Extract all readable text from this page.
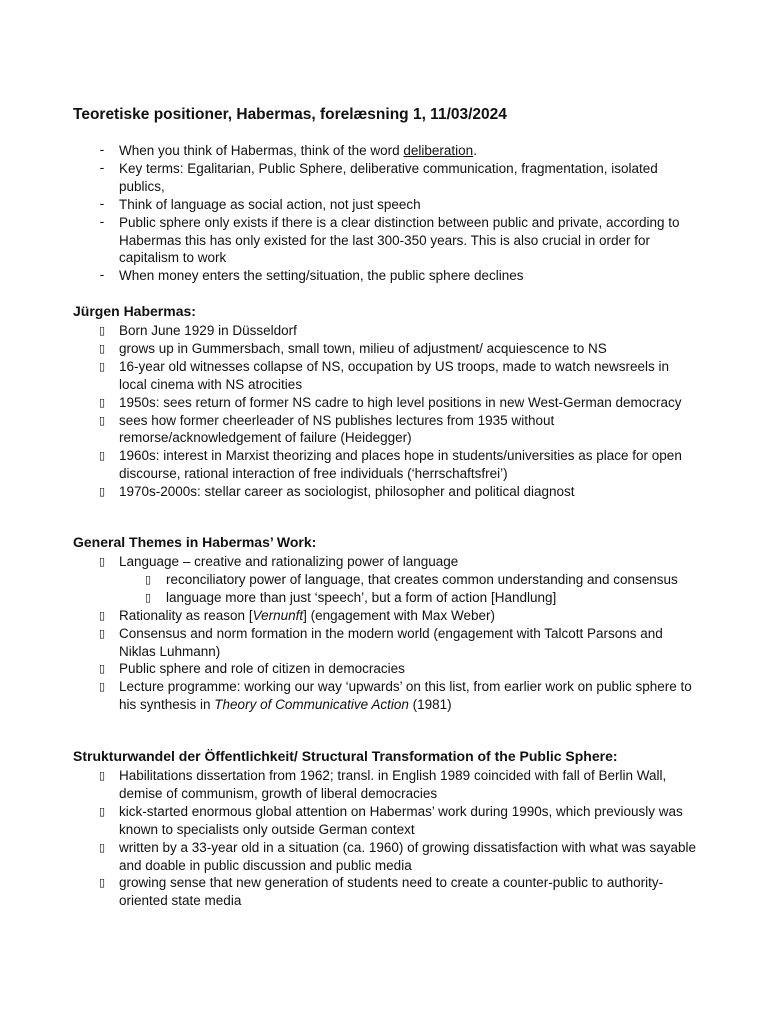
Teoretiske positioner, Habermas, forelæsning 1, 11/03/2024
-	When you think of Habermas, think of the word deliberation.
-	Key terms: Egalitarian, Public Sphere, deliberative communication, fragmentation, isolated publics,
-	Think of language as social action, not just speech
-	Public sphere only exists if there is a clear distinction between public and private, according to Habermas this has only existed for the last 300-350 years. This is also crucial in order for capitalism to work
-	When money enters the setting/situation, the public sphere declines
Jürgen Habermas:
▯ Born June 1929 in Düsseldorf
▯ grows up in Gummersbach, small town, milieu of adjustment/ acquiescence to NS
▯ 16-year old witnesses collapse of NS, occupation by US troops, made to watch newsreels in local cinema with NS atrocities
▯ 1950s: sees return of former NS cadre to high level positions in new West-German democracy
▯ sees how former cheerleader of NS publishes lectures from 1935 without remorse/acknowledgement of failure (Heidegger)
▯ 1960s: interest in Marxist theorizing and places hope in students/universities as place for open discourse, rational interaction of free individuals (‘herrschaftsfrei’)
▯ 1970s-2000s: stellar career as sociologist, philosopher and political diagnost
General Themes in Habermas’ Work:
▯ Language – creative and rationalizing power of language
▯ reconciliatory power of language, that creates common understanding and consensus
▯ language more than just ‘speech’, but a form of action [Handlung]
▯ Rationality as reason [Vernunft] (engagement with Max Weber)
▯ Consensus and norm formation in the modern world (engagement with Talcott Parsons and Niklas Luhmann)
▯ Public sphere and role of citizen in democracies
▯ Lecture programme: working our way ‘upwards’ on this list, from earlier work on public sphere to his synthesis in Theory of Communicative Action (1981)
Strukturwandel der Öffentlichkeit/ Structural Transformation of the Public Sphere:
▯ Habilitations dissertation from 1962; transl. in English 1989 coincided with fall of Berlin Wall, demise of communism, growth of liberal democracies
▯ kick-started enormous global attention on Habermas’ work during 1990s, which previously was known to specialists only outside German context
▯ written by a 33-year old in a situation (ca. 1960) of growing dissatisfaction with what was sayable and doable in public discussion and public media
▯ growing sense that new generation of students need to create a counter-public to authority-oriented state media
